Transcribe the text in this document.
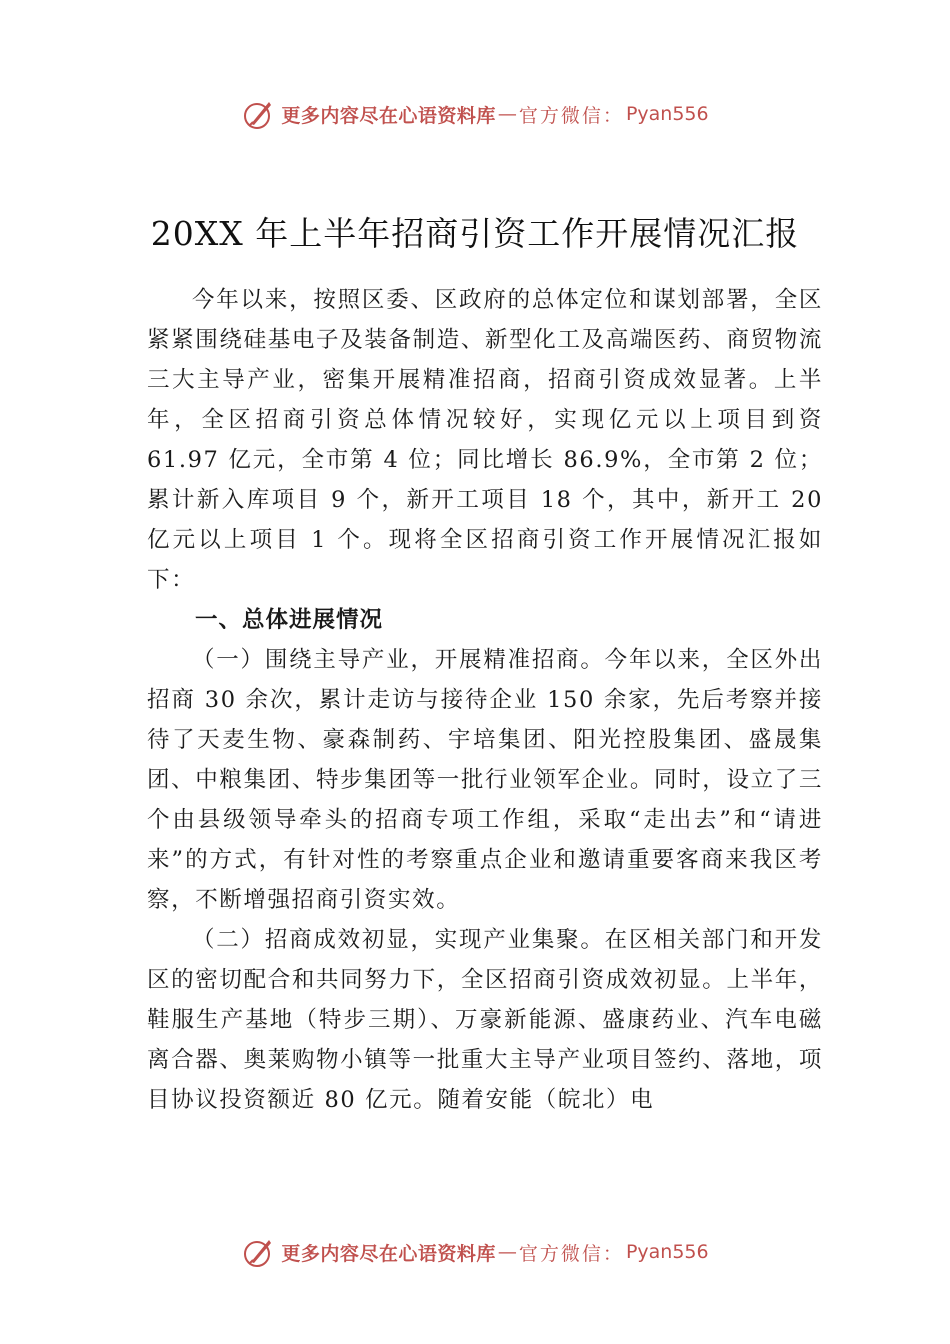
更多内容尽在心语资料库 — 官方微信： Pyan556
20XX 年上半年招商引资工作开展情况汇报

今年以来，按照区委、区政府的总体定位和谋划部署，全区紧紧围绕硅基电子及装备制造、新型化工及高端医药、商贸物流三大主导产业，密集开展精准招商，招商引资成效显著。上半年，全区招商引资总体情况较好，实现亿元以上项目到资 61.97 亿元，全市第 4 位；同比增长 86.9%，全市第 2 位；累计新入库项目 9 个，新开工项目 18 个，其中，新开工 20 亿元以上项目 1 个。现将全区招商引资工作开展情况汇报如下：

一、总体进展情况

（一）围绕主导产业，开展精准招商。今年以来，全区外出招商 30 余次，累计走访与接待企业 150 余家，先后考察并接待了天麦生物、豪森制药、宇培集团、阳光控股集团、盛晟集团、中粮集团、特步集团等一批行业领军企业。同时，设立了三个由县级领导牵头的招商专项工作组，采取“走出去”和“请进来”的方式，有针对性的考察重点企业和邀请重要客商来我区考察，不断增强招商引资实效。

（二）招商成效初显，实现产业集聚。在区相关部门和开发区的密切配合和共同努力下，全区招商引资成效初显。上半年，鞋服生产基地（特步三期）、万豪新能源、盛康药业、汽车电磁离合器、奥莱购物小镇等一批重大主导产业项目签约、落地，项目协议投资额近 80 亿元。随着安能（皖北）电

更多内容尽在心语资料库 — 官方微信： Pyan556
